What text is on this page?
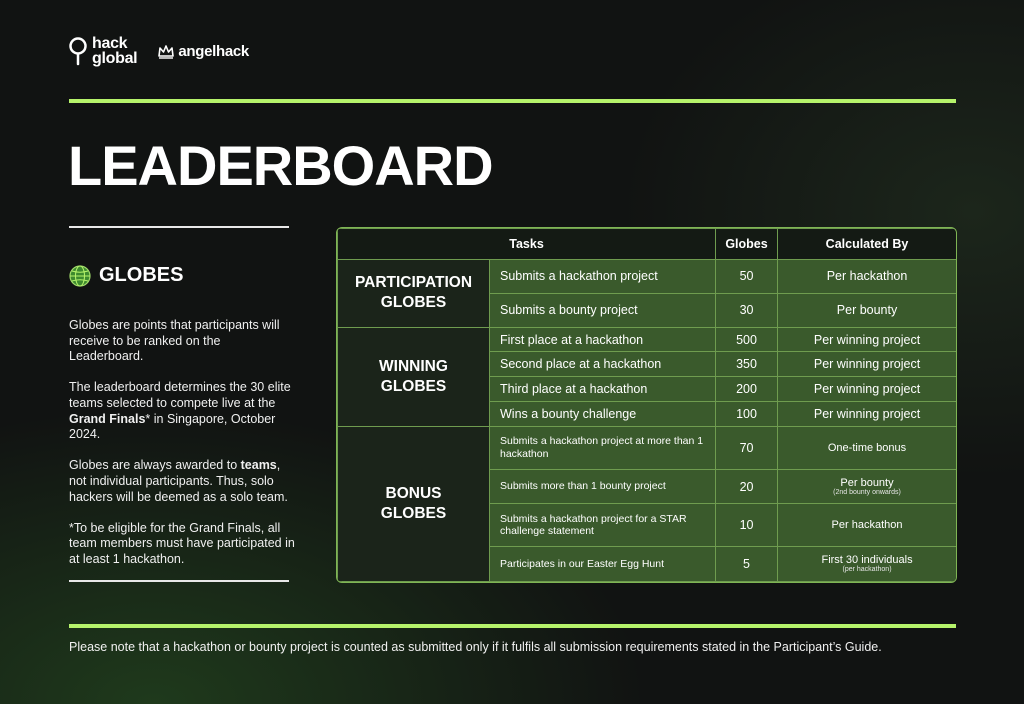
hack
global	angelhack
LEADERBOARD
GLOBES

Globes are points that participants will receive to be ranked on the Leaderboard.

The leaderboard determines the 30 elite teams selected to compete live at the Grand Finals* in Singapore, October 2024.

Globes are always awarded to teams, not individual participants. Thus, solo hackers will be deemed as a solo team.

*To be eligible for the Grand Finals, all team members must have participated in at least 1 hackathon.

Tasks		Globes	Calculated By
PARTICIPATION
GLOBES	Submits a hackathon project	50	Per hackathon
	Submits a bounty project	30	Per bounty
WINNING
GLOBES	First place at a hackathon	500	Per winning project
	Second place at a hackathon	350	Per winning project
	Third place at a hackathon	200	Per winning project
	Wins a bounty challenge	100	Per winning project
BONUS
GLOBES	Submits a hackathon project at more than 1 hackathon	70	One-time bonus
	Submits more than 1 bounty project	20	Per bounty
(2nd bounty onwards)

	Submits a hackathon project for a STAR challenge statement	10	Per hackathon
	Participates in our Easter Egg Hunt	5	First 30 individuals
(per hackathon)
Please note that a hackathon or bounty project is counted as submitted only if it fulfils all submission requirements stated in the Participant’s Guide.
